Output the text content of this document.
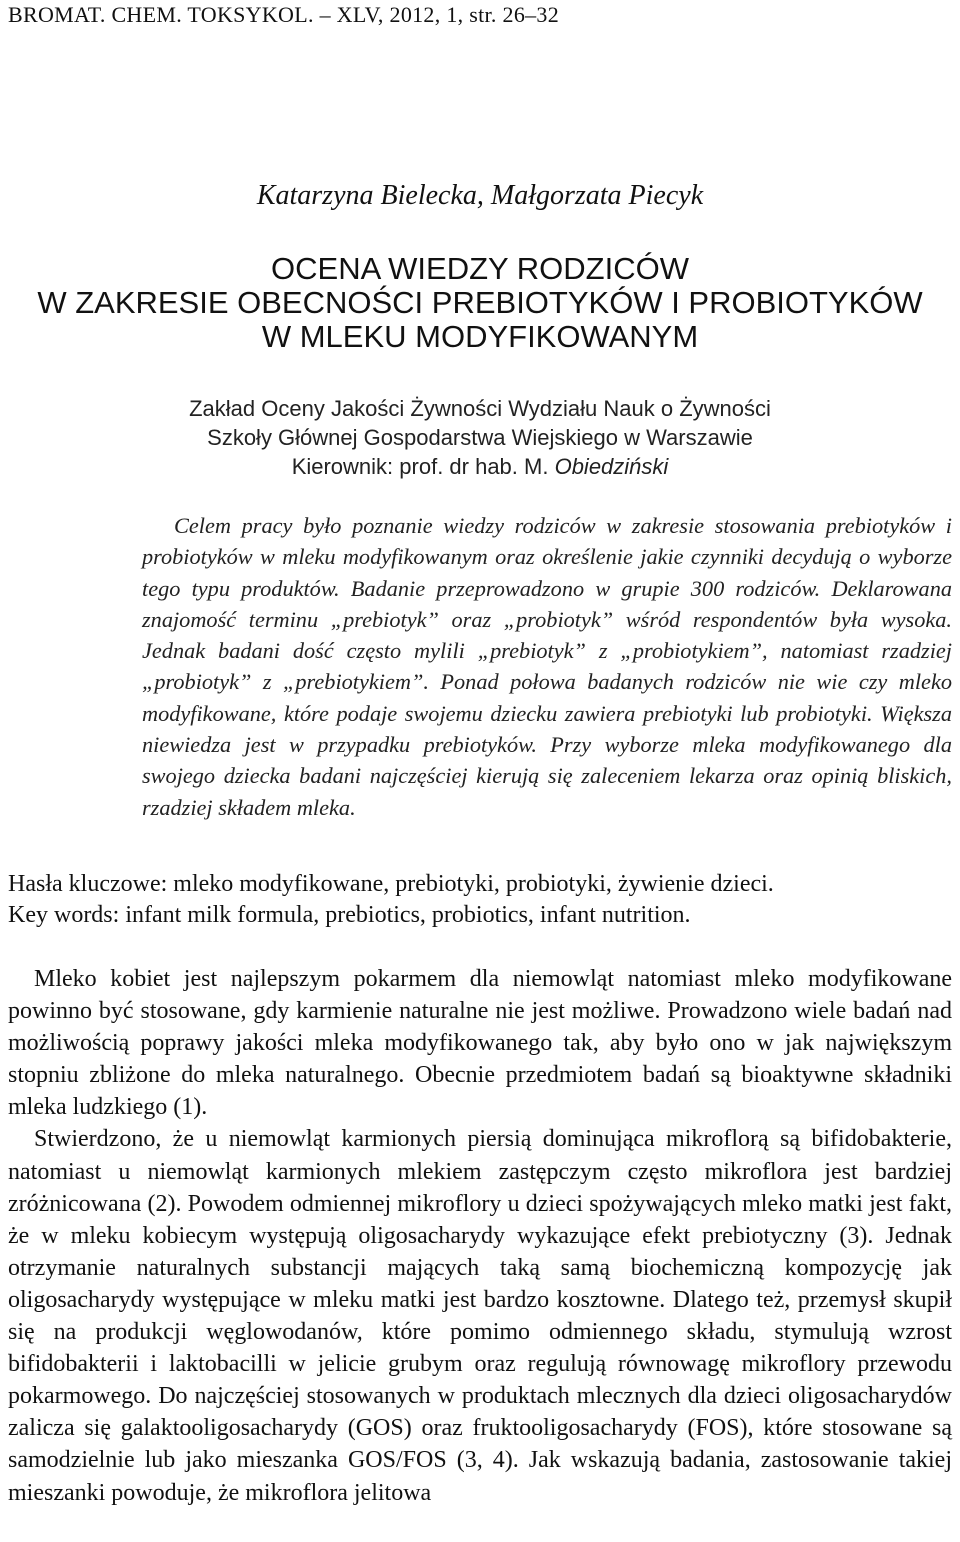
BROMAT. CHEM. TOKSYKOL. – XLV, 2012, 1, str. 26–32
Katarzyna Bielecka, Małgorzata Piecyk
OCENA WIEDZY RODZICÓW
W ZAKRESIE OBECNOŚCI PREBIOTYKÓW I PROBIOTYKÓW
W MLEKU MODYFIKOWANYM
Zakład Oceny Jakości Żywności Wydziału Nauk o Żywności
Szkoły Głównej Gospodarstwa Wiejskiego w Warszawie
Kierownik: prof. dr hab. M. Obiedziński

Celem pracy było poznanie wiedzy rodziców w zakresie stosowania prebiotyków i probiotyków w mleku modyfikowanym oraz określenie jakie czynniki decydują o wyborze tego typu produktów. Badanie przeprowadzono w grupie 300 rodziców. Deklarowana znajomość terminu „prebiotyk” oraz „probiotyk” wśród respondentów była wysoka. Jednak badani dość często mylili „prebiotyk” z „probiotykiem”, natomiast rzadziej „probiotyk” z „prebiotykiem”. Ponad połowa badanych rodziców nie wie czy mleko modyfikowane, które podaje swojemu dziecku zawiera prebiotyki lub probiotyki. Większa niewiedza jest w przypadku prebiotyków. Przy wyborze mleka modyfikowanego dla swojego dziecka badani najczęściej kierują się zaleceniem lekarza oraz opinią bliskich, rzadziej składem mleka.

Hasła kluczowe: mleko modyfikowane, prebiotyki, probiotyki, żywienie dzieci.
Key words: infant milk formula, prebiotics, probiotics, infant nutrition.

Mleko kobiet jest najlepszym pokarmem dla niemowląt natomiast mleko modyfikowane powinno być stosowane, gdy karmienie naturalne nie jest możliwe. Prowadzono wiele badań nad możliwością poprawy jakości mleka modyfikowanego tak, aby było ono w jak największym stopniu zbliżone do mleka naturalnego. Obecnie przedmiotem badań są bioaktywne składniki mleka ludzkiego (1).

Stwierdzono, że u niemowląt karmionych piersią dominująca mikroflorą są bifidobakterie, natomiast u niemowląt karmionych mlekiem zastępczym często mikroflora jest bardziej zróżnicowana (2). Powodem odmiennej mikroflory u dzieci spożywających mleko matki jest fakt, że w mleku kobiecym występują oligosacharydy wykazujące efekt prebiotyczny (3). Jednak otrzymanie naturalnych substancji mających taką samą biochemiczną kompozycję jak oligosacharydy występujące w mleku matki jest bardzo kosztowne. Dlatego też, przemysł skupił się na produkcji węglowodanów, które pomimo odmiennego składu, stymulują wzrost bifidobakterii i laktobacilli w jelicie grubym oraz regulują równowagę mikroflory przewodu pokarmowego. Do najczęściej stosowanych w produktach mlecznych dla dzieci oligosacharydów zalicza się galaktooligosacharydy (GOS) oraz fruktooligosacharydy (FOS), które stosowane są samodzielnie lub jako mieszanka GOS/FOS (3, 4). Jak wskazują badania, zastosowanie takiej mieszanki powoduje, że mikroflora jelitowa
